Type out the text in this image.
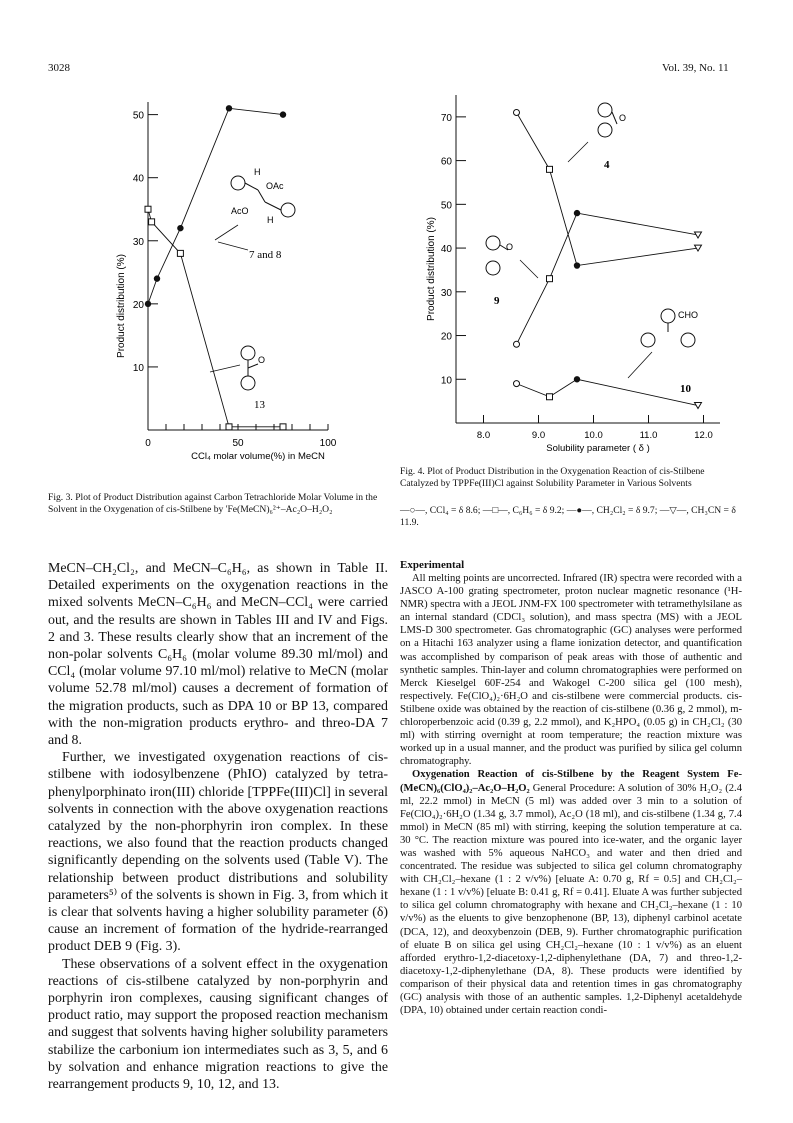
3028	Vol. 39, No. 11
10
20
30
40
50
0	50	100
CCl₄ molar volume(%) in MeCN
Product distribution (%)
H
OAc
AcO
H
7 and 8
O
13
Fig. 3. Plot of Product Distribution against Carbon Tetrachloride Molar Volume in the Solvent in the Oxygenation of cis-Stilbene by 'Fe(MeCN)₆²⁺–Ac₂O–H₂O₂
10
20
30
40
50
60
70
8.0	9.0	10.0	11.0	12.0
Solubility parameter ( δ )
Product distribution (%)
O
4
O
9
CHO
10
Fig. 4. Plot of Product Distribution in the Oxygenation Reaction of cis-Stilbene Catalyzed by TPPFe(III)Cl against Solubility Parameter in Various Solvents
—○—, CCl₄ = δ 8.6; —□—, C₆H₆ = δ 9.2; —●—, CH₂Cl₂ = δ 9.7; —▽—, CH₃CN = δ 11.9.

MeCN–CH₂Cl₂, and MeCN–C₆H₆, as shown in Table II. Detailed experiments on the oxygenation reactions in the mixed solvents MeCN–C₆H₆ and MeCN–CCl₄ were carried out, and the results are shown in Tables III and IV and Figs. 2 and 3. These results clearly show that an increment of the non-polar solvents C₆H₆ (molar volume 89.30 ml/mol) and CCl₄ (molar volume 97.10 ml/mol) relative to MeCN (molar volume 52.78 ml/mol) causes a decrement of formation of the migration products, such as DPA 10 or BP 13, compared with the non-migration products erythro- and threo-DA 7 and 8.

Further, we investigated oxygenation reactions of cis-stilbene with iodosylbenzene (PhIO) catalyzed by tetra-phenylporphinato iron(III) chloride [TPPFe(III)Cl] in several solvents in connection with the above oxygenation reactions catalyzed by the non-phorphyrin iron complex. In these reactions, we also found that the reaction products changed significantly depending on the solvents used (Table V). The relationship between product distributions and solubility parameters⁵⁾ of the solvents is shown in Fig. 3, from which it is clear that solvents having a higher solubility parameter (δ) cause an increment of formation of the hydride-rearranged product DEB 9 (Fig. 3).

These observations of a solvent effect in the oxygenation reactions of cis-stilbene catalyzed by non-porphyrin and porphyrin iron complexes, causing significant changes of product ratio, may support the proposed reaction mechanism and suggest that solvents having higher solubility parameters stabilize the carbonium ion intermediates such as 3, 5, and 6 by solvation and enhance migration reactions to give the rearrangement products 9, 10, 12, and 13.

Experimental

All melting points are uncorrected. Infrared (IR) spectra were recorded with a JASCO A-100 grating spectrometer, proton nuclear magnetic resonance (¹H-NMR) spectra with a JEOL JNM-FX 100 spectrometer with tetramethylsilane as an internal standard (CDCl₃ solution), and mass spectra (MS) with a JEOL LMS-D 300 spectrometer. Gas chromatographic (GC) analyses were performed on a Hitachi 163 analyzer using a flame ionization detector, and quantification was accomplished by comparison of peak areas with those of authentic and synthetic samples. Thin-layer and column chromatographies were performed on Merck Kieselgel 60F-254 and Wakogel C-200 silica gel (100 mesh), respectively. Fe(ClO₄)₂·6H₂O and cis-stilbene were commercial products. cis-Stilbene oxide was obtained by the reaction of cis-stilbene (0.36 g, 2 mmol), m-chloroperbenzoic acid (0.39 g, 2.2 mmol), and K₂HPO₄ (0.05 g) in CH₂Cl₂ (30 ml) with stirring overnight at room temperature; the reaction mixture was worked up in a usual manner, and the product was purified by silica gel column chromatography.

Oxygenation Reaction of cis-Stilbene by the Reagent System Fe-(MeCN)₆(ClO₄)₂–Ac₂O–H₂O₂ General Procedure: A solution of 30% H₂O₂ (2.4 ml, 22.2 mmol) in MeCN (5 ml) was added over 3 min to a solution of Fe(ClO₄)₂·6H₂O (1.34 g, 3.7 mmol), Ac₂O (18 ml), and cis-stilbene (1.34 g, 7.4 mmol) in MeCN (85 ml) with stirring, keeping the solution temperature at ca. 30 °C. The reaction mixture was poured into ice-water, and the organic layer was washed with 5% aqueous NaHCO₃ and water and then dried and concentrated. The residue was subjected to silica gel column chromatography with CH₂Cl₂–hexane (1 : 2 v/v%) [eluate A: 0.70 g, Rf = 0.5] and CH₂Cl₂–hexane (1 : 1 v/v%) [eluate B: 0.41 g, Rf = 0.41]. Eluate A was further subjected to silica gel column chromatography with hexane and CH₂Cl₂–hexane (1 : 10 v/v%) as the eluents to give benzophenone (BP, 13), diphenyl carbinol acetate (DCA, 12), and deoxybenzoin (DEB, 9). Further chromatographic purification of eluate B on silica gel using CH₂Cl₂–hexane (10 : 1 v/v%) as an eluent afforded erythro-1,2-diacetoxy-1,2-diphenylethane (DA, 7) and threo-1,2-diacetoxy-1,2-diphenylethane (DA, 8). These products were identified by comparison of their physical data and retention times in gas chromatography (GC) analysis with those of an authentic samples. 1,2-Diphenyl acetaldehyde (DPA, 10) obtained under certain reaction condi-
